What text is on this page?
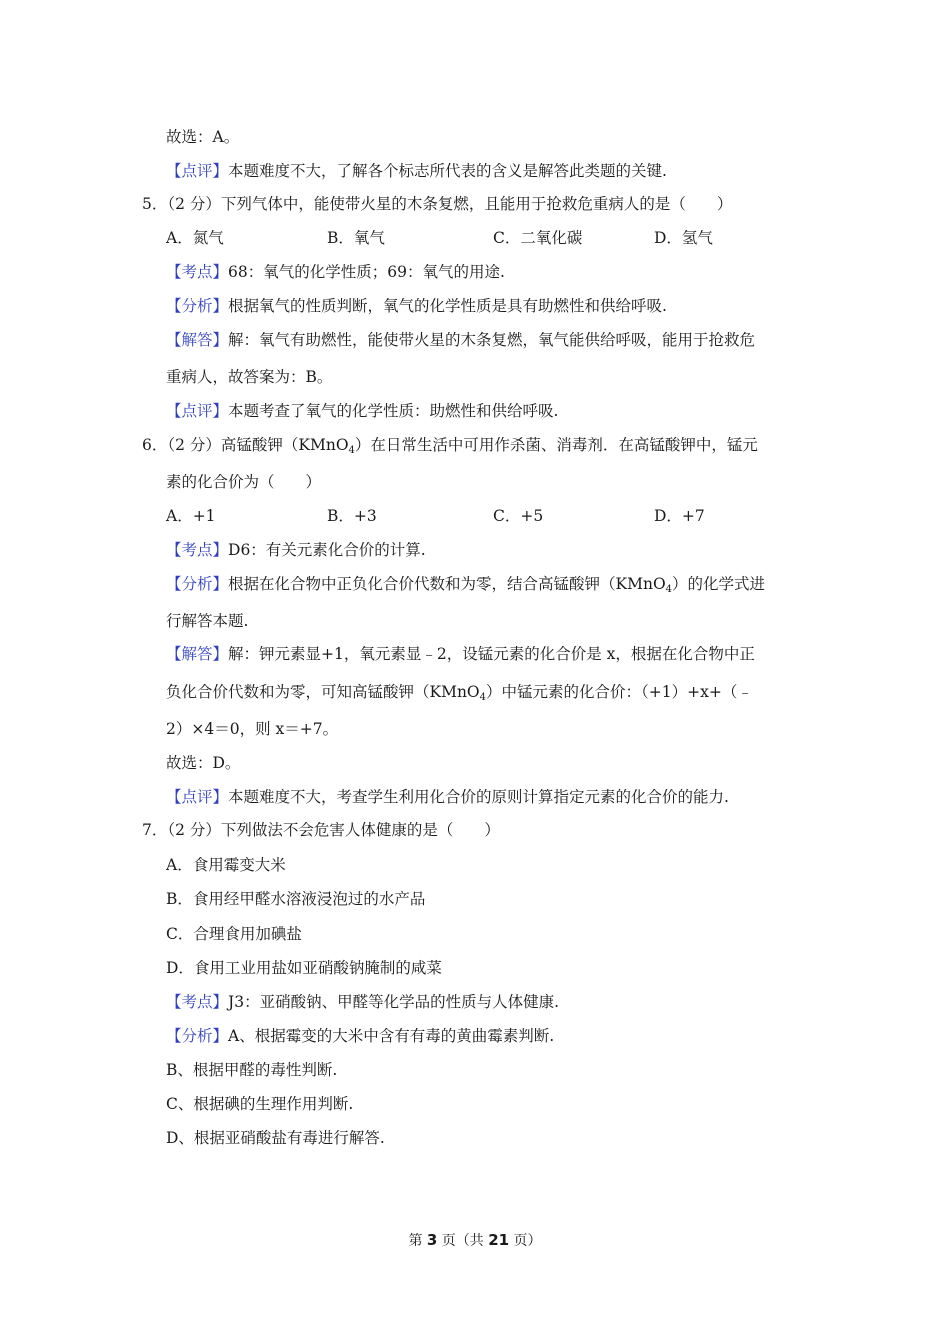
故选：A。
【点评】本题难度不大，了解各个标志所代表的含义是解答此类题的关键.
5．（2 分）下列气体中，能使带火星的木条复燃，且能用于抢救危重病人的是（　　）
A．氮气	B．氧气	C．二氧化碳	D．氢气
【考点】68：氧气的化学性质；69：氧气的用途.
【分析】根据氧气的性质判断，氧气的化学性质是具有助燃性和供给呼吸.
【解答】解：氧气有助燃性，能使带火星的木条复燃，氧气能供给呼吸，能用于抢救危
重病人，故答案为：B。
【点评】本题考查了氧气的化学性质：助燃性和供给呼吸.
6．（2 分）高锰酸钾（KMnO$_4$）在日常生活中可用作杀菌、消毒剂．在高锰酸钾中，锰元
素的化合价为（　　）
A．+1	B．+3	C．+5	D．+7
【考点】D6：有关元素化合价的计算.
【分析】根据在化合物中正负化合价代数和为零，结合高锰酸钾（KMnO$_4$）的化学式进
行解答本题.
【解答】解：钾元素显+1，氧元素显﹣2，设锰元素的化合价是 x，根据在化合物中正
负化合价代数和为零，可知高锰酸钾（KMnO$_4$）中锰元素的化合价：（+1）+x+（﹣
2）×4＝0，则 x＝+7。
故选：D。
【点评】本题难度不大，考查学生利用化合价的原则计算指定元素的化合价的能力.
7．（2 分）下列做法不会危害人体健康的是（　　）
A．食用霉变大米
B．食用经甲醛水溶液浸泡过的水产品
C．合理食用加碘盐
D．食用工业用盐如亚硝酸钠腌制的咸菜
【考点】J3：亚硝酸钠、甲醛等化学品的性质与人体健康.
【分析】A、根据霉变的大米中含有有毒的黄曲霉素判断.
B、根据甲醛的毒性判断.
C、根据碘的生理作用判断.
D、根据亚硝酸盐有毒进行解答.
第 3 页（共 21 页）
